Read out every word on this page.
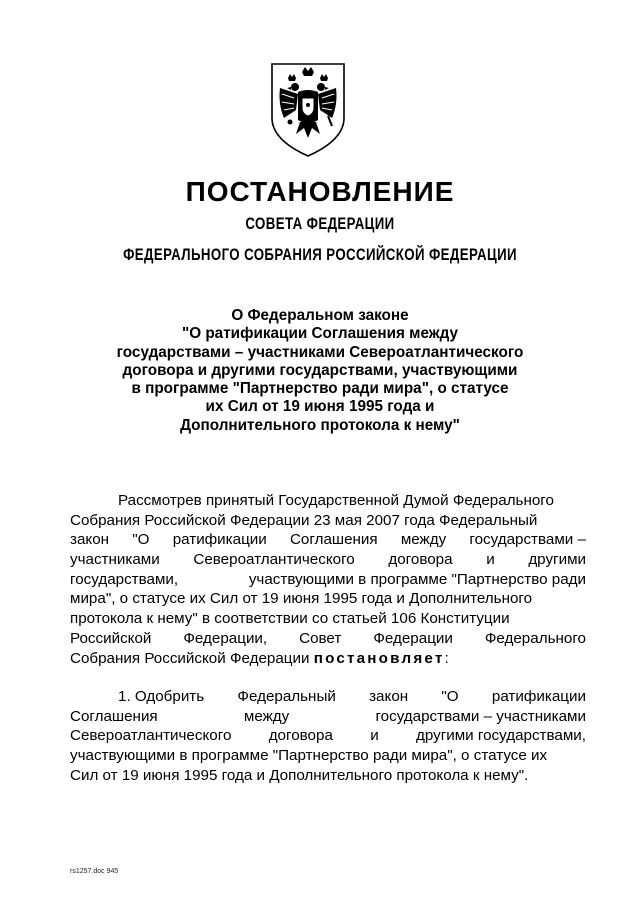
ПОСТАНОВЛЕНИЕ
СОВЕТА ФЕДЕРАЦИИ
ФЕДЕРАЛЬНОГО СОБРАНИЯ РОССИЙСКОЙ ФЕДЕРАЦИИ
О Федеральном законе
"О ратификации Соглашения между
государствами – участниками Североатлантического
договора и другими государствами, участвующими
в программе "Партнерство ради мира", о статусе
их Сил от 19 июня 1995 года и
Дополнительного протокола к нему"
Рассмотрев принятый Государственной Думой Федерального
Собрания Российской Федерации 23 мая 2007 года Федеральный
закон "О ратификации Соглашения между государствами –
участниками Североатлантического договора и другими
государствами,	участвующими в программе "Партнерство ради
мира", о статусе их Сил от 19 июня 1995 года и Дополнительного
протокола к нему" в соответствии со статьей 106 Конституции
Российской Федерации, Совет Федерации Федерального
Собрания Российской Федерации постановляет :
1. Одобрить Федеральный закон "О ратификации
Соглашения	между	государствами – участниками
Североатлантического договора и другими государствами,
участвующими в программе "Партнерство ради мира", о статусе их
Сил от 19 июня 1995 года и Дополнительного протокола к нему".
rs1257.doc 945
